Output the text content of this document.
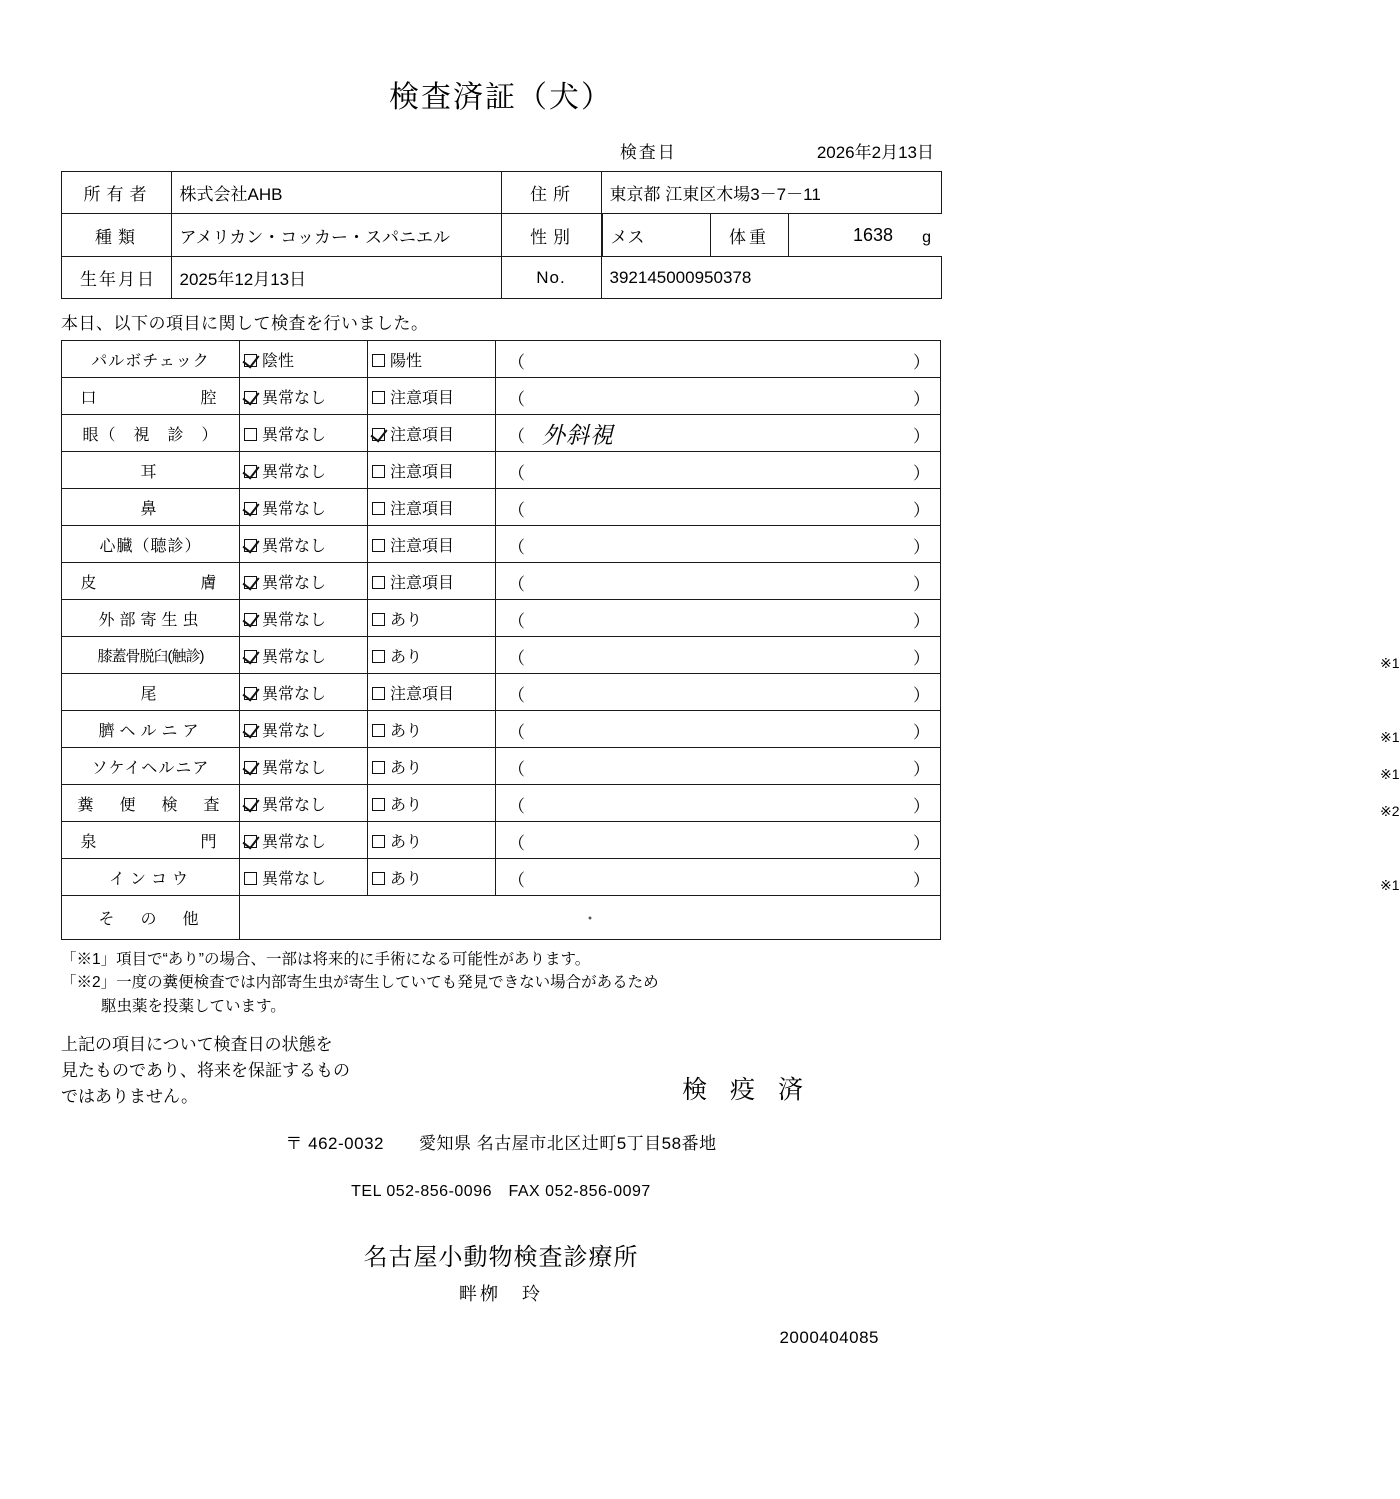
検査済証（犬）
検査日	2026年2月13日
所有者	株式会社AHB	住所	東京都 江東区木場3－7－11
種類	アメリカン・コッカー・スパニエル	性別	メス	体重	1638	g

生年月日	2025年12月13日	No.	392145000950378
本日、以下の項目に関して検査を行いました。
パルボチェック	陰性	陽性	（ ）

口　　　　腔	異常なし	注意項目	（ ）

眼（　視　診　）	異常なし	注意項目	（ ）
外斜視

耳	異常なし	注意項目	（ ）

鼻	異常なし	注意項目	（ ）

心臓（聴診）	異常なし	注意項目	（ ）

皮　　　　膚	異常なし	注意項目	（ ）

外部寄生虫	異常なし	あり	（ ）

膝蓋骨脱臼(触診)	異常なし	あり	（ ） ※1

尾	異常なし	注意項目	（ ）

臍ヘルニア	異常なし	あり	（ ） ※1

ソケイヘルニア	異常なし	あり	（ ） ※1

糞　便　検　査	異常なし	あり	（ ） ※2

泉　　　　門	異常なし	あり	（ ）

インコウ	異常なし	あり	（ ） ※1

そ　の　他	・		
「※1」項目で“あり”の場合、一部は将来的に手術になる可能性があります。
「※2」一度の糞便検査では内部寄生虫が寄生していても発見できない場合があるため
駆虫薬を投薬しています。
上記の項目について検査日の状態を
見たものであり、将来を保証するもの
ではありません。	検 疫 済
〒 462-0032　　愛知県 名古屋市北区辻町5丁目58番地
TEL 052-856-0096　FAX 052-856-0097
名古屋小動物検査診療所
畔栁　玲
2000404085
